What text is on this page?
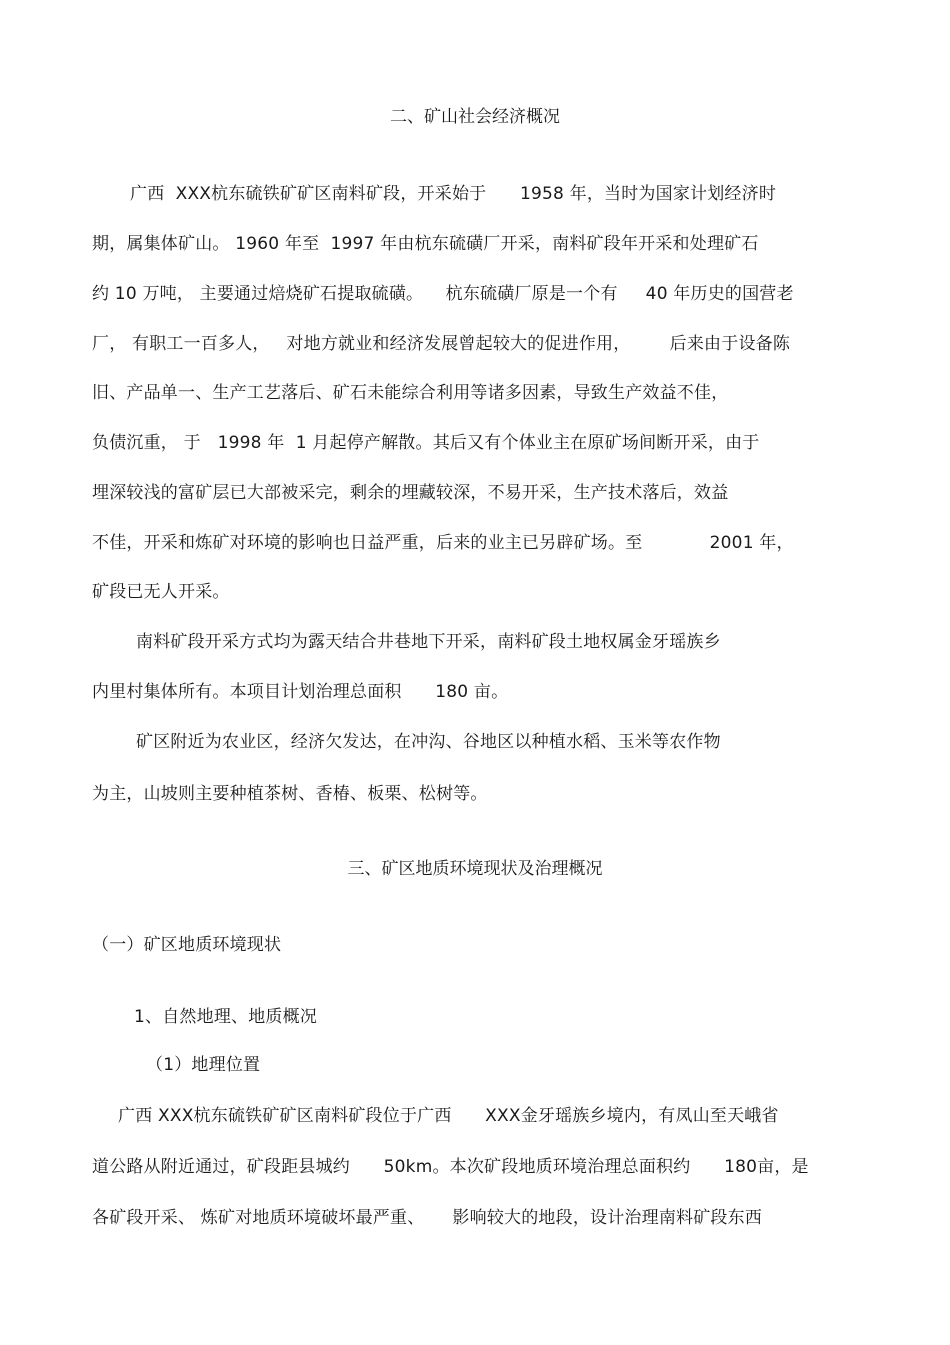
二、矿山社会经济概况
广西  XXX杭东硫铁矿矿区南料矿段，开采始于      1958 年，当时为国家计划经济时
期，属集体矿山。 1960 年至  1997 年由杭东硫磺厂开采，南料矿段年开采和处理矿石
约 10 万吨， 主要通过焙烧矿石提取硫磺。    杭东硫磺厂原是一个有     40 年历史的国营老
厂， 有职工一百多人，   对地方就业和经济发展曾起较大的促进作用，       后来由于设备陈
旧、产品单一、生产工艺落后、矿石未能综合利用等诸多因素，导致生产效益不佳，
负债沉重， 于   1998 年  1 月起停产解散。其后又有个体业主在原矿场间断开采，由于
埋深较浅的富矿层已大部被采完，剩余的埋藏较深，不易开采，生产技术落后，效益
不佳，开采和炼矿对环境的影响也日益严重，后来的业主已另辟矿场。至            2001 年，
矿段已无人开采。
南料矿段开采方式均为露天结合井巷地下开采，南料矿段土地权属金牙瑶族乡
内里村集体所有。本项目计划治理总面积      180 亩。
矿区附近为农业区，经济欠发达，在冲沟、谷地区以种植水稻、玉米等农作物
为主，山坡则主要种植茶树、香椿、板栗、松树等。
三、矿区地质环境现状及治理概况
（一）矿区地质环境现状
1、自然地理、地质概况
（1）地理位置
广西 XXX杭东硫铁矿矿区南料矿段位于广西      XXX金牙瑶族乡境内，有凤山至天峨省
道公路从附近通过，矿段距县城约      50km。本次矿段地质环境治理总面积约      180亩，是
各矿段开采、 炼矿对地质环境破坏最严重、     影响较大的地段，设计治理南料矿段东西
